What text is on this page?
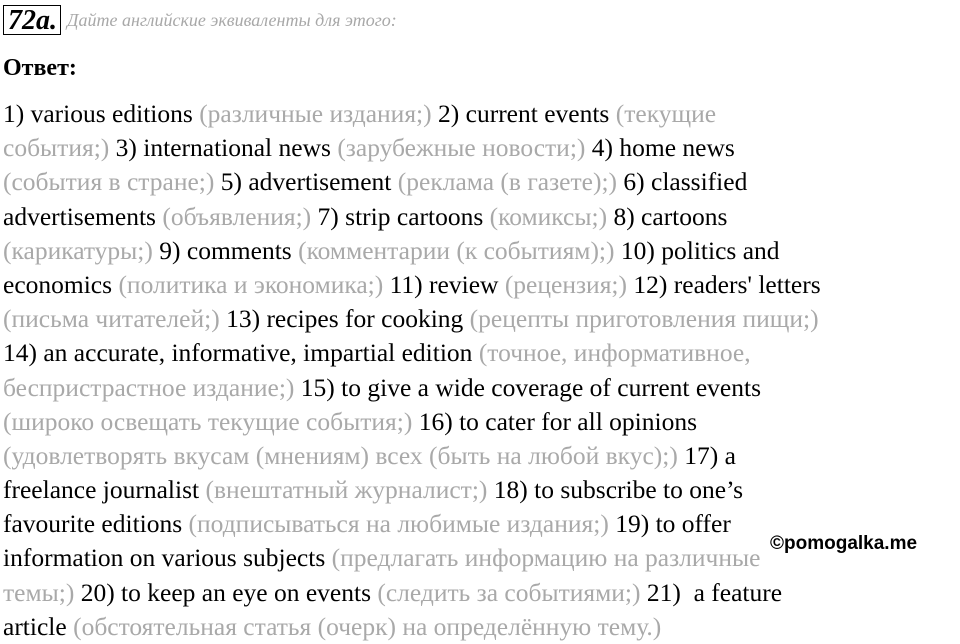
72a. Дайте английские эквиваленты для этого:
Ответ:
1) various editions (различные издания;) 2) current events (текущие
события;) 3) international news (зарубежные новости;) 4) home news
(события в стране;) 5) advertisement (реклама (в газете);) 6) classified
advertisements (объявления;) 7) strip cartoons (комиксы;) 8) cartoons
(карикатуры;) 9) comments (комментарии (к событиям);) 10) politics and
economics (политика и экономика;) 11) review (рецензия;) 12) readers' letters
(письма читателей;) 13) recipes for cooking (рецепты приготовления пищи;)
14) an accurate, informative, impartial edition (точное, информативное,
беспристрастное издание;) 15) to give a wide coverage of current events
(широко освещать текущие события;) 16) to cater for all opinions
(удовлетворять вкусам (мнениям) всех (быть на любой вкус);) 17) a
freelance journalist (внештатный журналист;) 18) to subscribe to one’s
favourite editions (подписываться на любимые издания;) 19) to offer
information on various subjects (предлагать информацию на различные
темы;) 20) to keep an eye on events (следить за событиями;) 21)  a feature
article (обстоятельная статья (очерк) на определённую тему.)
©pomogalka.me
